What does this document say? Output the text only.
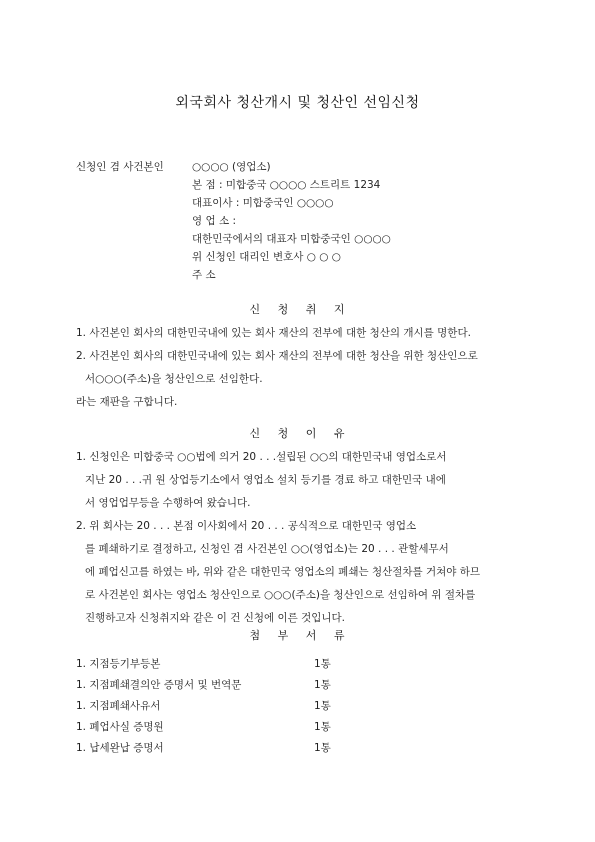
외국회사 청산개시 및 청산인 선임신청
신청인 겸 사건본인	○○○○ (영업소)
본 점 : 미합중국 ○○○○ 스트리트 1234
대표이사 : 미합중국인 ○○○○
영 업 소 :
대한민국에서의 대표자 미합중국인 ○○○○
위 신청인 대리인 변호사 ○ ○ ○
주 소
신 청 취 지

1. 사건본인 회사의 대한민국내에 있는 회사 재산의 전부에 대한 청산의 개시를 명한다.

2. 사건본인 회사의 대한민국내에 있는 회사 재산의 전부에 대한 청산을 위한 청산인으로

서○○○(주소)을 청산인으로 선임한다.

라는 재판을 구합니다.

신 청 이 유

1. 신청인은 미합중국 ○○법에 의거 20 . . .설립된 ○○의 대한민국내 영업소로서

지난 20 . . .귀 원 상업등기소에서 영업소 설치 등기를 경료 하고 대한민국 내에

서 영업업무등을 수행하여 왔습니다.

2. 위 회사는 20 . . . 본점 이사회에서 20 . . . 공식적으로 대한민국 영업소

를 폐쇄하기로 결정하고, 신청인 겸 사건본인 ○○(영업소)는 20 . . . 관할세무서

에 폐업신고를 하였는 바, 위와 같은 대한민국 영업소의 폐쇄는 청산절차를 거쳐야 하므

로 사건본인 회사는 영업소 청산인으로 ○○○(주소)을 청산인으로 선임하여 위 절차를

진행하고자 신청취지와 같은 이 건 신청에 이른 것입니다.

첨 부 서 류
1. 지점등기부등본	1통
1. 지점폐쇄결의안 증명서 및 번역문	1통
1. 지점폐쇄사유서	1통
1. 폐업사실 증명원	1통
1. 납세완납 증명서	1통
